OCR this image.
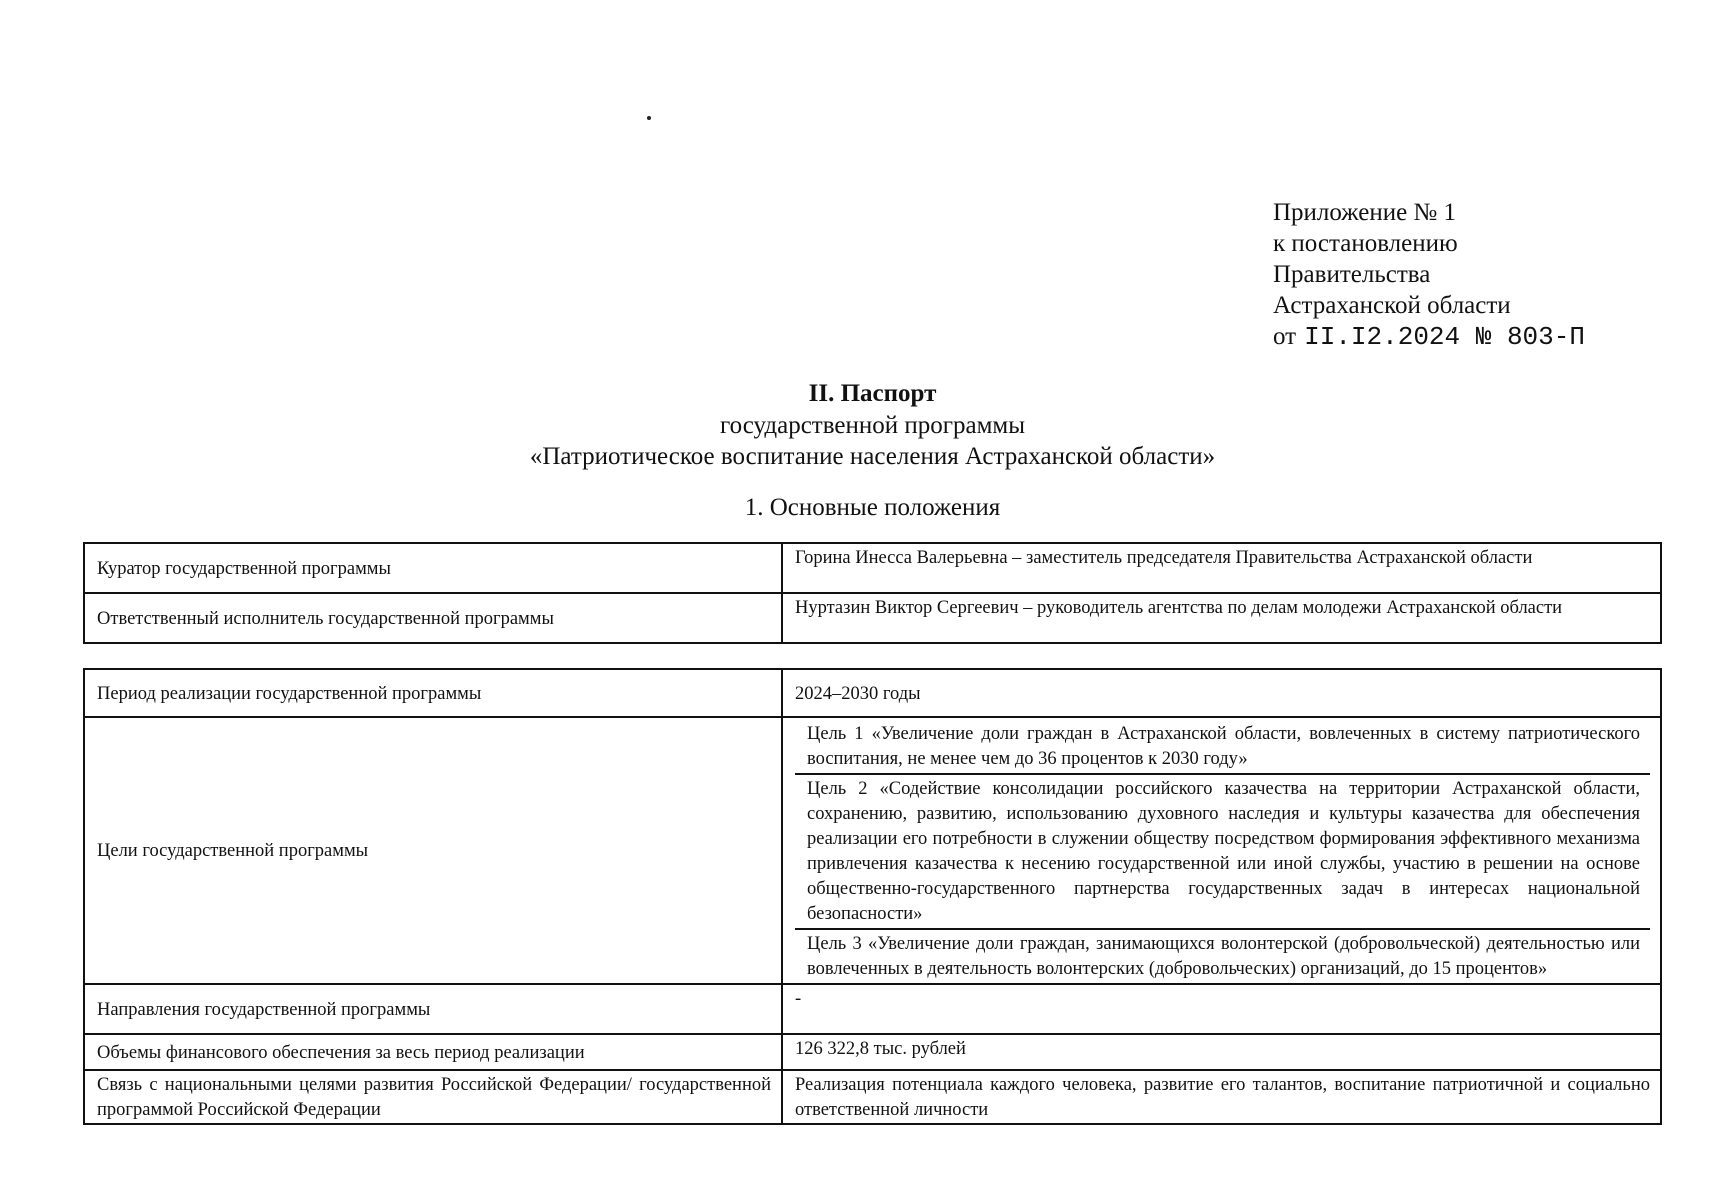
Приложение № 1
к постановлению
Правительства
Астраханской области
от II.I2.2024 № 803-П
II. Паспорт
государственной программы
«Патриотическое воспитание населения Астраханской области»
1. Основные положения
Куратор государственной программы	Горина Инесса Валерьевна – заместитель председателя Правительства Астраханской области
Ответственный исполнитель государственной программы	Нуртазин Виктор Сергеевич – руководитель агентства по делам молодежи Астраханской области
Период реализации государственной программы	2024–2030 годы
Цели государственной программы	Цель 1 «Увеличение доли граждан в Астраханской области, вовлеченных в систему патриотического воспитания, не менее чем до 36 процентов к 2030 году»
Цель 2 «Содействие консолидации российского казачества на территории Астраханской области, сохранению, развитию, использованию духовного наследия и культуры казачества для обеспечения реализации его потребности в служении обществу посредством формирования эффективного механизма привлечения казачества к несению государственной или иной службы, участию в решении на основе общественно-государственного партнерства государственных задач в интересах национальной безопасности»
Цель 3 «Увеличение доли граждан, занимающихся волонтерской (добровольческой) деятельностью или вовлеченных в деятельность волонтерских (добровольческих) организаций, до 15 процентов»

Направления государственной программы	-
Объемы финансового обеспечения за весь период реализации	126 322,8 тыс. рублей
Связь с национальными целями развития Российской Федерации/ государственной программой Российской Федерации	Реализация потенциала каждого человека, развитие его талантов, воспитание патриотичной и социально ответственной личности
